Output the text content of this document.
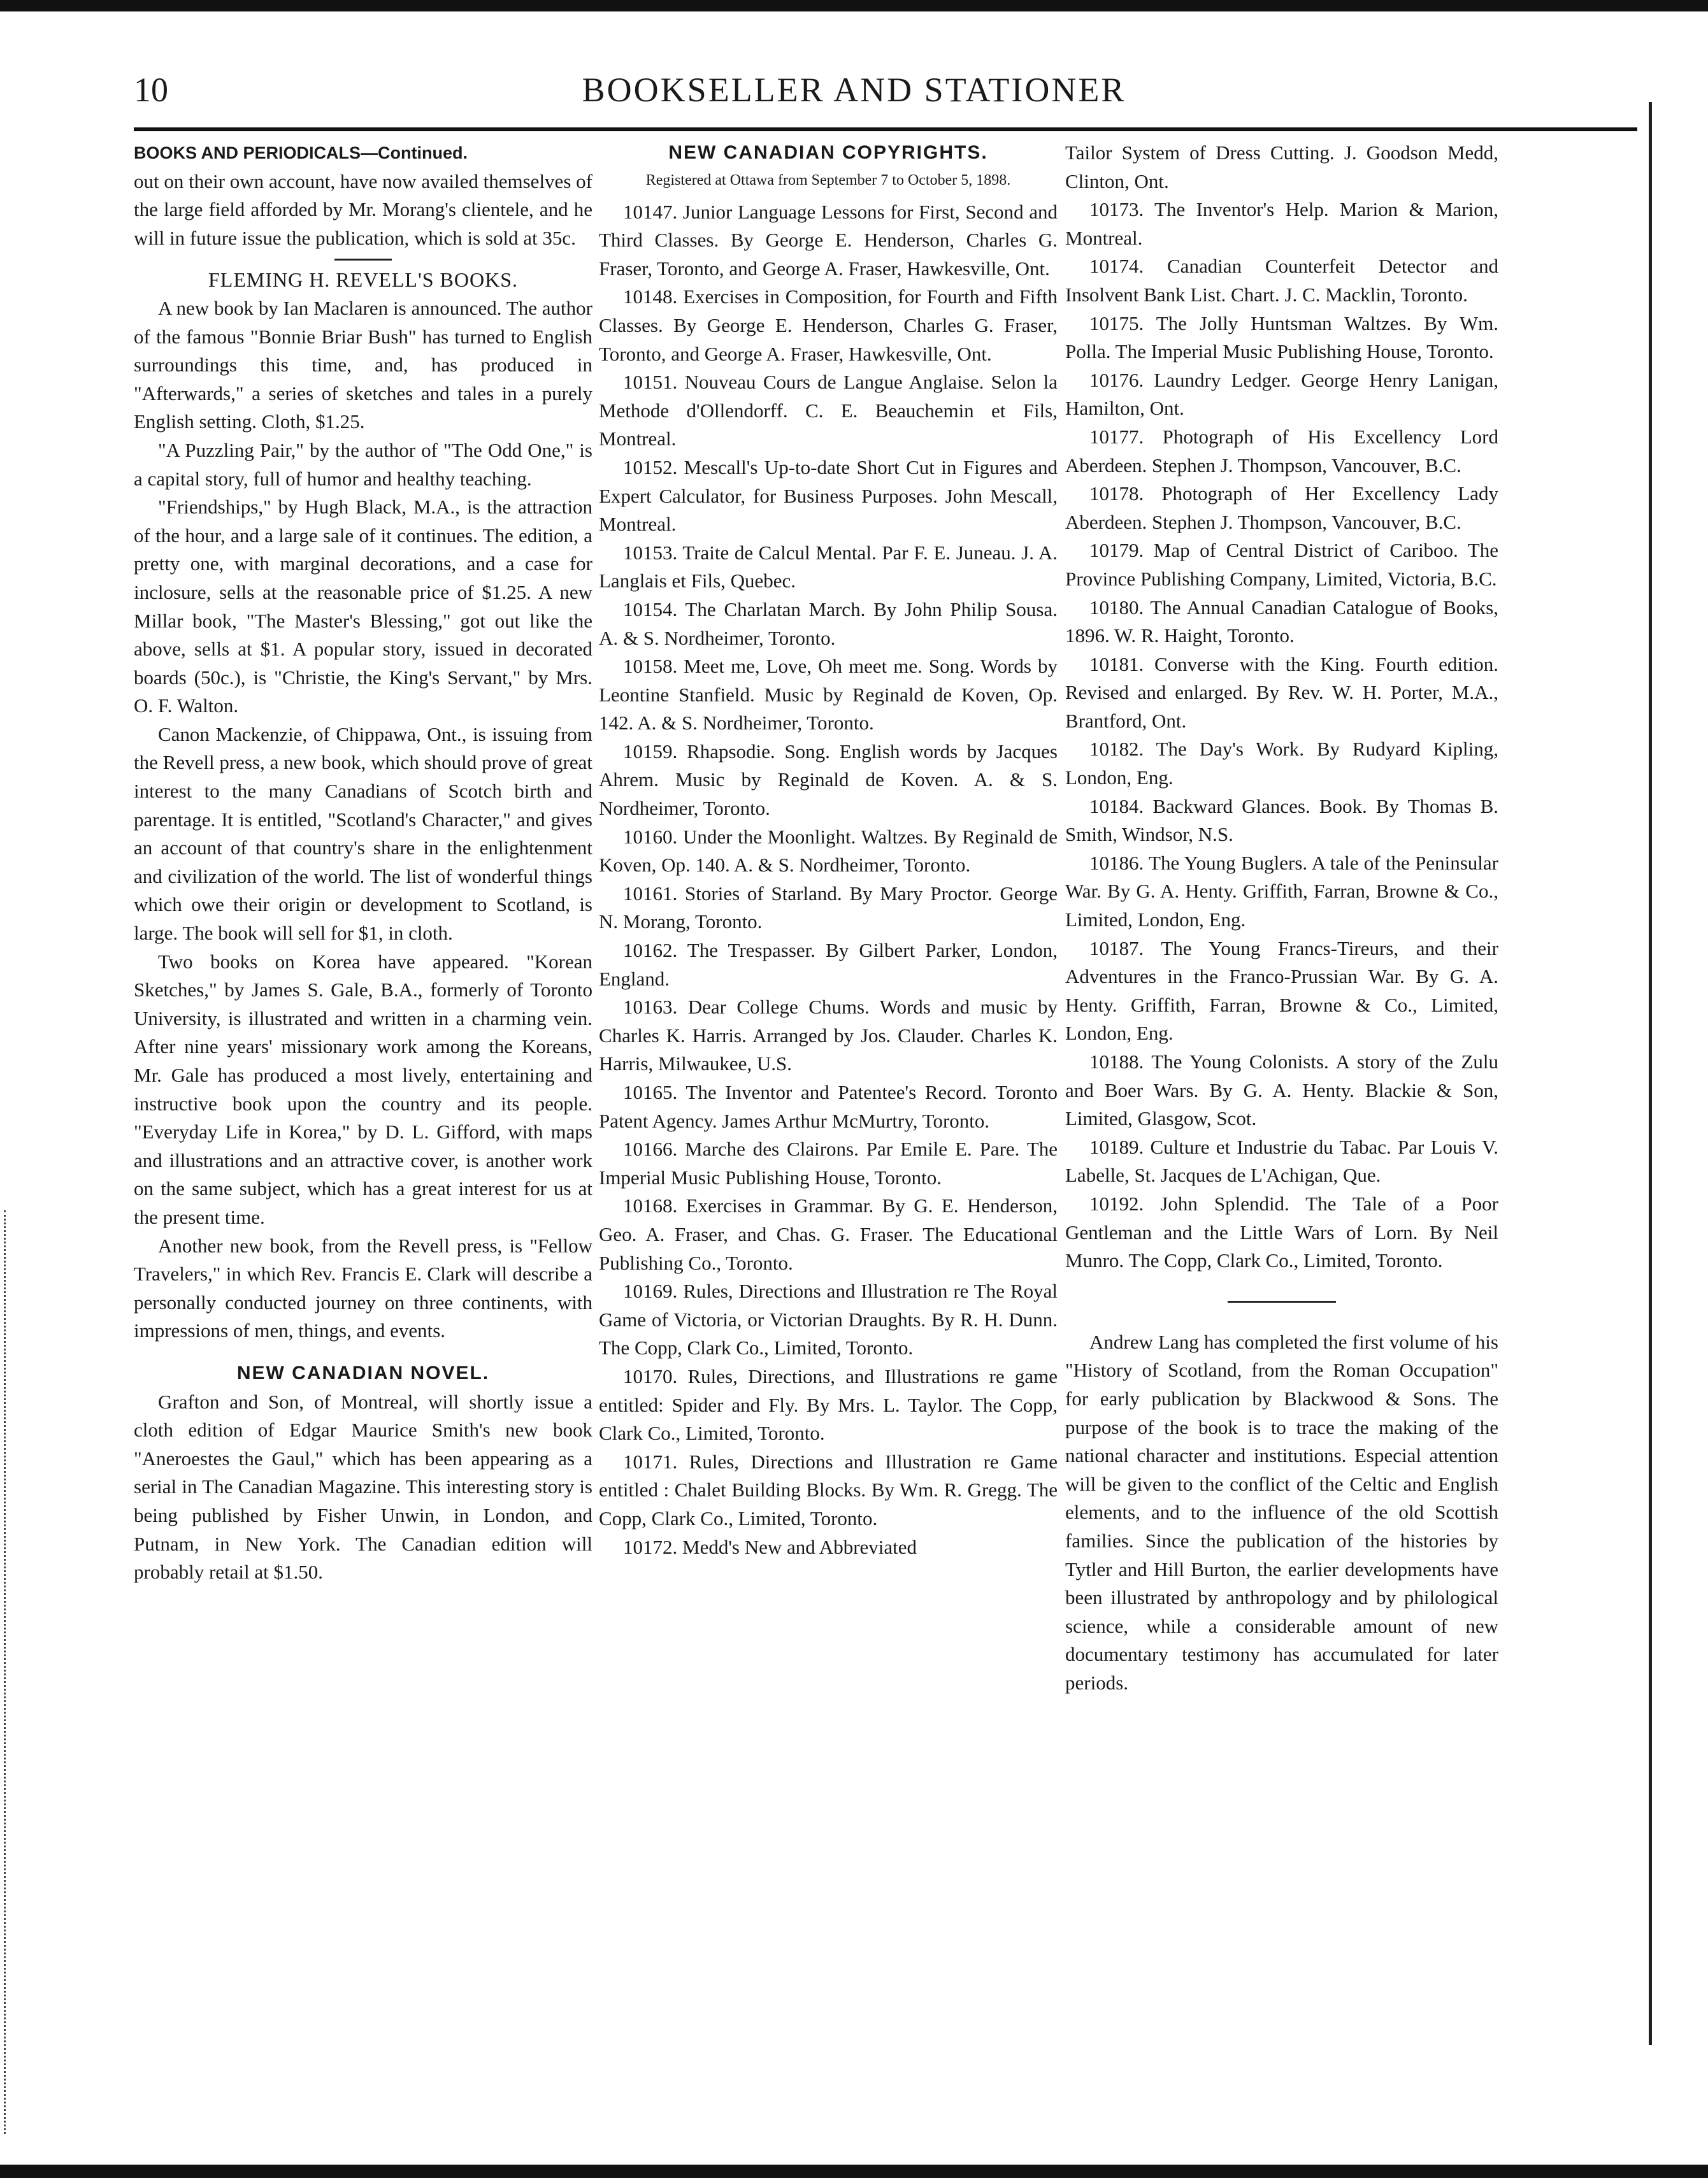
10	BOOKSELLER AND STATIONER
BOOKS AND PERIODICALS—Continued.

out on their own account, have now availed themselves of the large field afforded by Mr. Morang's clientele, and he will in future issue the publication, which is sold at 35c.

FLEMING H. REVELL'S BOOKS.

A new book by Ian Maclaren is announced. The author of the famous "Bonnie Briar Bush" has turned to English surroundings this time, and, has produced in "Afterwards," a series of sketches and tales in a purely English setting. Cloth, $1.25.

"A Puzzling Pair," by the author of "The Odd One," is a capital story, full of humor and healthy teaching.

"Friendships," by Hugh Black, M.A., is the attraction of the hour, and a large sale of it continues. The edition, a pretty one, with marginal decorations, and a case for inclosure, sells at the reasonable price of $1.25. A new Millar book, "The Master's Blessing," got out like the above, sells at $1. A popular story, issued in decorated boards (50c.), is "Christie, the King's Servant," by Mrs. O. F. Walton.

Canon Mackenzie, of Chippawa, Ont., is issuing from the Revell press, a new book, which should prove of great interest to the many Canadians of Scotch birth and parentage. It is entitled, "Scotland's Character," and gives an account of that country's share in the enlightenment and civilization of the world. The list of wonderful things which owe their origin or development to Scotland, is large. The book will sell for $1, in cloth.

Two books on Korea have appeared. "Korean Sketches," by James S. Gale, B.A., formerly of Toronto University, is illustrated and written in a charming vein. After nine years' missionary work among the Koreans, Mr. Gale has produced a most lively, entertaining and instructive book upon the country and its people. "Everyday Life in Korea," by D. L. Gifford, with maps and illustrations and an attractive cover, is another work on the same subject, which has a great interest for us at the present time.

Another new book, from the Revell press, is "Fellow Travelers," in which Rev. Francis E. Clark will describe a personally conducted journey on three continents, with impressions of men, things, and events.

NEW CANADIAN NOVEL.

Grafton and Son, of Montreal, will shortly issue a cloth edition of Edgar Maurice Smith's new book "Aneroestes the Gaul," which has been appearing as a serial in The Canadian Magazine. This interesting story is being published by Fisher Unwin, in London, and Putnam, in New York. The Canadian edition will probably retail at $1.50.

NEW CANADIAN COPYRIGHTS.
Registered at Ottawa from September 7 to October 5, 1898.

10147. Junior Language Lessons for First, Second and Third Classes. By George E. Henderson, Charles G. Fraser, Toronto, and George A. Fraser, Hawkesville, Ont.

10148. Exercises in Composition, for Fourth and Fifth Classes. By George E. Henderson, Charles G. Fraser, Toronto, and George A. Fraser, Hawkesville, Ont.

10151. Nouveau Cours de Langue Anglaise. Selon la Methode d'Ollendorff. C. E. Beauchemin et Fils, Montreal.

10152. Mescall's Up-to-date Short Cut in Figures and Expert Calculator, for Business Purposes. John Mescall, Montreal.

10153. Traite de Calcul Mental. Par F. E. Juneau. J. A. Langlais et Fils, Quebec.

10154. The Charlatan March. By John Philip Sousa. A. & S. Nordheimer, Toronto.

10158. Meet me, Love, Oh meet me. Song. Words by Leontine Stanfield. Music by Reginald de Koven, Op. 142. A. & S. Nordheimer, Toronto.

10159. Rhapsodie. Song. English words by Jacques Ahrem. Music by Reginald de Koven. A. & S. Nordheimer, Toronto.

10160. Under the Moonlight. Waltzes. By Reginald de Koven, Op. 140. A. & S. Nordheimer, Toronto.

10161. Stories of Starland. By Mary Proctor. George N. Morang, Toronto.

10162. The Trespasser. By Gilbert Parker, London, England.

10163. Dear College Chums. Words and music by Charles K. Harris. Arranged by Jos. Clauder. Charles K. Harris, Milwaukee, U.S.

10165. The Inventor and Patentee's Record. Toronto Patent Agency. James Arthur McMurtry, Toronto.

10166. Marche des Clairons. Par Emile E. Pare. The Imperial Music Publishing House, Toronto.

10168. Exercises in Grammar. By G. E. Henderson, Geo. A. Fraser, and Chas. G. Fraser. The Educational Publishing Co., Toronto.

10169. Rules, Directions and Illustration re The Royal Game of Victoria, or Victorian Draughts. By R. H. Dunn. The Copp, Clark Co., Limited, Toronto.

10170. Rules, Directions, and Illustrations re game entitled: Spider and Fly. By Mrs. L. Taylor. The Copp, Clark Co., Limited, Toronto.

10171. Rules, Directions and Illustration re Game entitled : Chalet Building Blocks. By Wm. R. Gregg. The Copp, Clark Co., Limited, Toronto.

10172. Medd's New and Abbreviated

Tailor System of Dress Cutting. J. Goodson Medd, Clinton, Ont.

10173. The Inventor's Help. Marion & Marion, Montreal.

10174. Canadian Counterfeit Detector and Insolvent Bank List. Chart. J. C. Macklin, Toronto.

10175. The Jolly Huntsman Waltzes. By Wm. Polla. The Imperial Music Publishing House, Toronto.

10176. Laundry Ledger. George Henry Lanigan, Hamilton, Ont.

10177. Photograph of His Excellency Lord Aberdeen. Stephen J. Thompson, Vancouver, B.C.

10178. Photograph of Her Excellency Lady Aberdeen. Stephen J. Thompson, Vancouver, B.C.

10179. Map of Central District of Cariboo. The Province Publishing Company, Limited, Victoria, B.C.

10180. The Annual Canadian Catalogue of Books, 1896. W. R. Haight, Toronto.

10181. Converse with the King. Fourth edition. Revised and enlarged. By Rev. W. H. Porter, M.A., Brantford, Ont.

10182. The Day's Work. By Rudyard Kipling, London, Eng.

10184. Backward Glances. Book. By Thomas B. Smith, Windsor, N.S.

10186. The Young Buglers. A tale of the Peninsular War. By G. A. Henty. Griffith, Farran, Browne & Co., Limited, London, Eng.

10187. The Young Francs-Tireurs, and their Adventures in the Franco-Prussian War. By G. A. Henty. Griffith, Farran, Browne & Co., Limited, London, Eng.

10188. The Young Colonists. A story of the Zulu and Boer Wars. By G. A. Henty. Blackie & Son, Limited, Glasgow, Scot.

10189. Culture et Industrie du Tabac. Par Louis V. Labelle, St. Jacques de L'Achigan, Que.

10192. John Splendid. The Tale of a Poor Gentleman and the Little Wars of Lorn. By Neil Munro. The Copp, Clark Co., Limited, Toronto.

Andrew Lang has completed the first volume of his "History of Scotland, from the Roman Occupation" for early publication by Blackwood & Sons. The purpose of the book is to trace the making of the national character and institutions. Especial attention will be given to the conflict of the Celtic and English elements, and to the influence of the old Scottish families. Since the publication of the histories by Tytler and Hill Burton, the earlier developments have been illustrated by anthropology and by philological science, while a considerable amount of new documentary testimony has accumulated for later periods.
